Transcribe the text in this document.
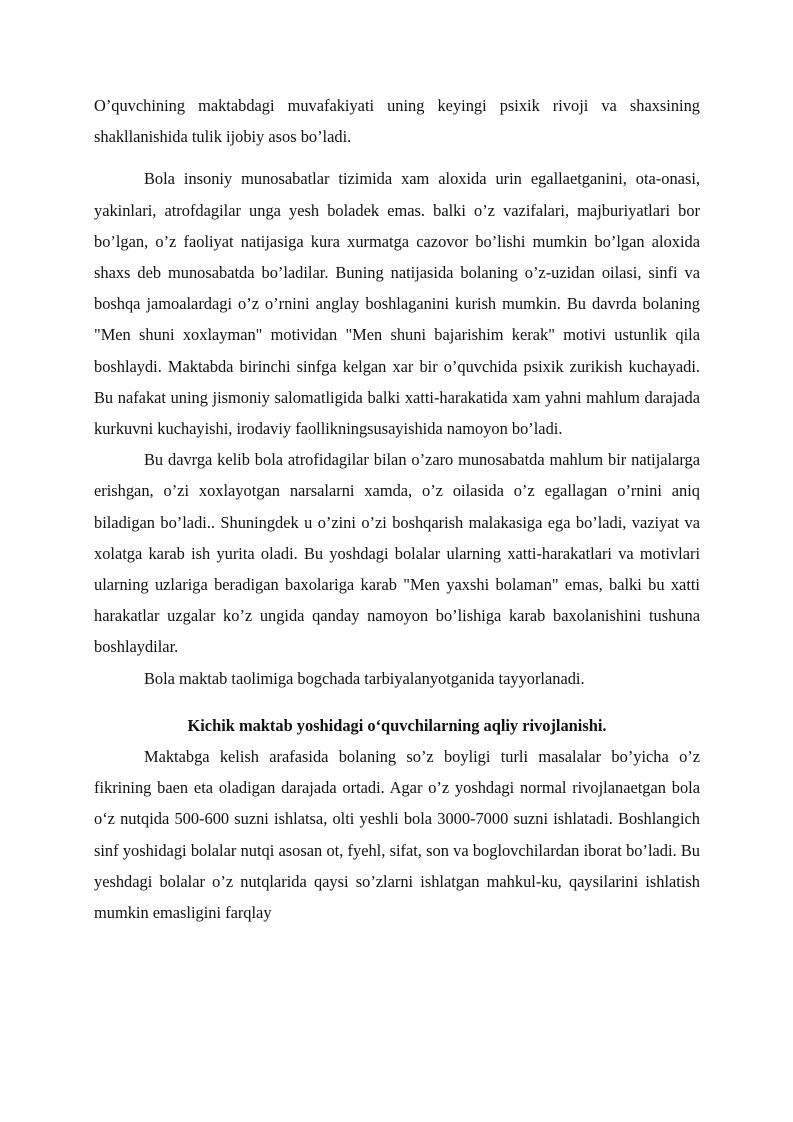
O’quvchining maktabdagi muvafakiyati uning keyingi psixik rivoji va shaxsining shakllanishida tulik ijobiy asos bo’ladi.

Bola insoniy munosabatlar tizimida xam aloxida urin egallaetganini, ota-onasi, yakinlari, atrofdagilar unga yesh boladek emas. balki o’z vazifalari, majburiyatlari bor bo’lgan, o’z faoliyat natijasiga kura xurmatga cazovor bo’lishi mumkin bo’lgan aloxida shaxs deb munosabatda bo’ladilar. Buning natijasida bolaning o’z-uzidan oilasi, sinfi va boshqa jamoalardagi o’z o’rnini anglay boshlaganini kurish mumkin. Bu davrda bolaning "Men shuni xoxlayman" motividan "Men shuni bajarishim kerak" motivi ustunlik qila boshlaydi. Maktabda birinchi sinfga kelgan xar bir o’quvchida psixik zurikish kuchayadi. Bu nafakat uning jismoniy salomatligida balki xatti-harakatida xam yahni mahlum darajada kurkuvni kuchayishi, irodaviy faollikningsusayishida namoyon bo’ladi.

Bu davrga kelib bola atrofidagilar bilan o’zaro munosabatda mahlum bir natijalarga erishgan, o’zi xoxlayotgan narsalarni xamda, o’z oilasida o’z egallagan o’rnini aniq biladigan bo’ladi.. Shuningdek u o’zini o’zi boshqarish malakasiga ega bo’ladi, vaziyat va xolatga karab ish yurita oladi. Bu yoshdagi bolalar ularning xatti-harakatlari va motivlari ularning uzlariga beradigan baxolariga karab "Men yaxshi bolaman" emas, balki bu xatti harakatlar uzgalar ko’z ungida qanday namoyon bo’lishiga karab baxolanishini tushuna boshlaydilar.

Bola maktab taolimiga bogchada tarbiyalanyotganida tayyorlanadi.

Kichik maktab yoshidagi o‘quvchilarning aqliy rivojlanishi.

Maktabga kelish arafasida bolaning so’z boyligi turli masalalar bo’yicha o’z fikrining baen eta oladigan darajada ortadi. Agar o’z yoshdagi normal rivojlanaetgan bola o‘z nutqida 500-600 suzni ishlatsa, olti yeshli bola 3000-7000 suzni ishlatadi. Boshlangich sinf yoshidagi bolalar nutqi asosan ot, fyehl, sifat, son va boglovchilardan iborat bo’ladi. Bu yeshdagi bolalar o’z nutqlarida qaysi so’zlarni ishlatgan mahkul-ku, qaysilarini ishlatish mumkin emasligini farqlay
